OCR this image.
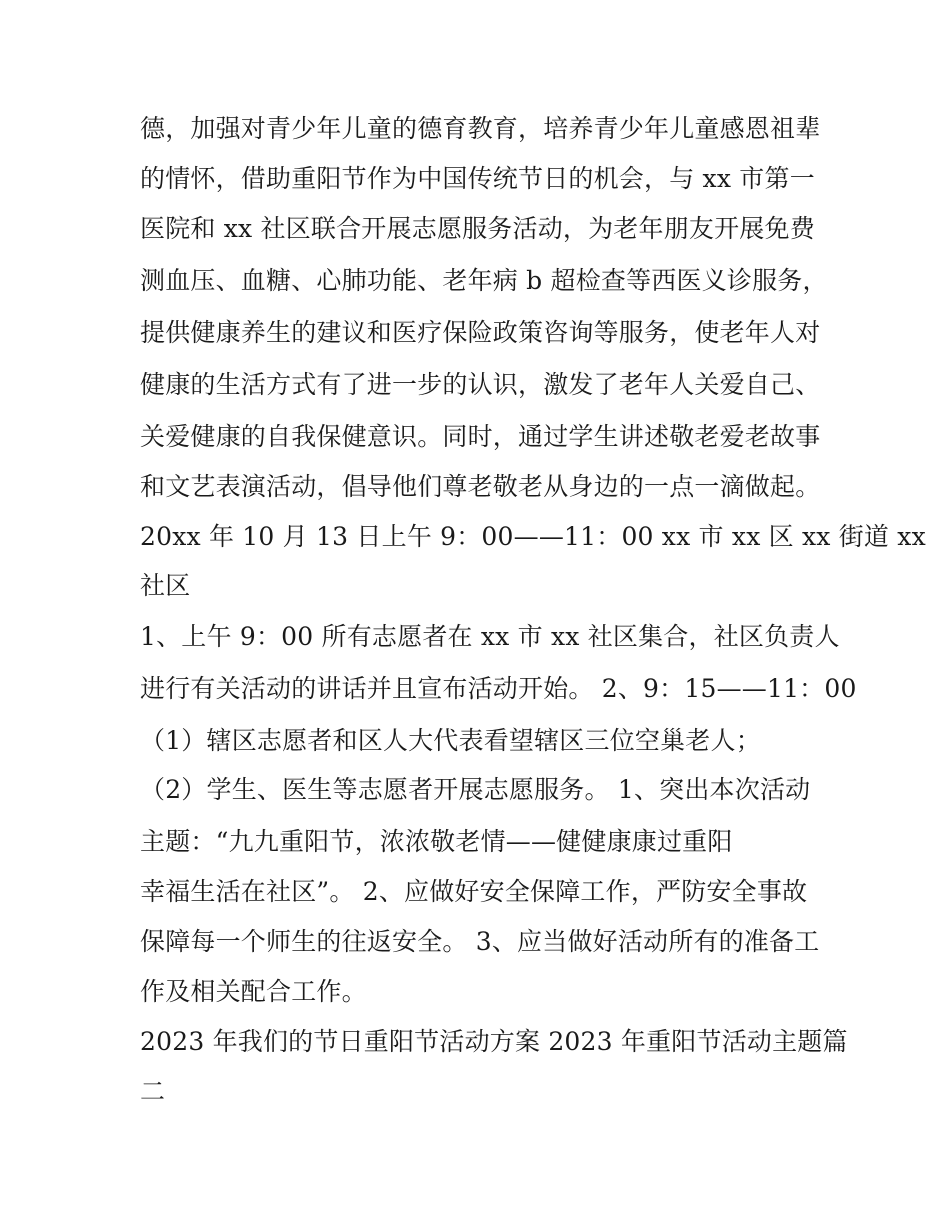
德，加强对青少年儿童的德育教育，培养青少年儿童感恩祖辈
的情怀，借助重阳节作为中国传统节日的机会，与 xx 市第一
医院和 xx 社区联合开展志愿服务活动，为老年朋友开展免费
测血压、血糖、心肺功能、老年病 b 超检查等西医义诊服务，
提供健康养生的建议和医疗保险政策咨询等服务，使老年人对
健康的生活方式有了进一步的认识，激发了老年人关爱自己、
关爱健康的自我保健意识。同时，通过学生讲述敬老爱老故事
和文艺表演活动，倡导他们尊老敬老从身边的一点一滴做起。
20xx 年 10 月 13 日上午 9：00——11：00 xx 市 xx 区 xx 街道 xx
社区
1、上午 9：00 所有志愿者在 xx 市 xx 社区集合，社区负责人
进行有关活动的讲话并且宣布活动开始。 2、9：15——11：00
（1）辖区志愿者和区人大代表看望辖区三位空巢老人；
（2）学生、医生等志愿者开展志愿服务。 1、突出本次活动
主题：“九九重阳节，浓浓敬老情——健健康康过重阳
幸福生活在社区”。 2、应做好安全保障工作，严防安全事故
保障每一个师生的往返安全。 3、应当做好活动所有的准备工
作及相关配合工作。
2023 年我们的节日重阳节活动方案 2023 年重阳节活动主题篇
二
